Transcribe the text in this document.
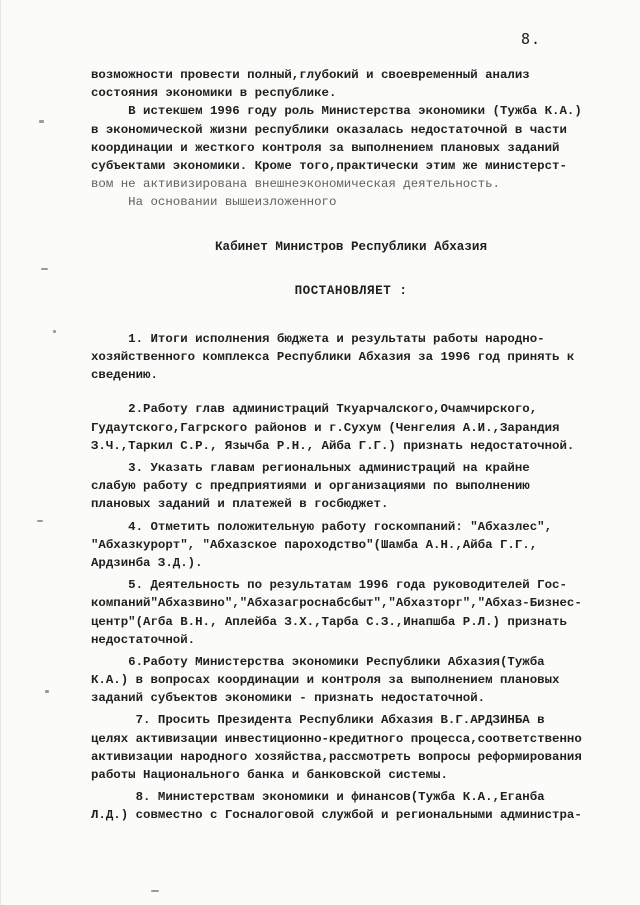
8.
возможности провести полный,глубокий и своевременный анализ
состояния экономики в республике.
В истекшем 1996 году роль Министерства экономики (Тужба К.А.)
в экономической жизни республики оказалась недостаточной в части
координации и жесткого контроля за выполнением плановых заданий
субъектами экономики. Кроме того,практически этим же министерст-
вом не активизирована внешнеэкономическая деятельность.
На основании вышеизложенного
Кабинет Министров Республики Абхазия
ПОСТАНОВЛЯЕТ :
1. Итоги исполнения бюджета и результаты работы народно-
хозяйственного комплекса Республики Абхазия за 1996 год принять к
сведению.
2.Работу глав администраций Ткуарчалского,Очамчирского,
Гудаутского,Гагрского районов и г.Сухум (Ченгелия А.И.,Зарандия
З.Ч.,Таркил С.Р., Язычба Р.Н., Айба Г.Г.) признать недостаточной.
3. Указать главам региональных администраций на крайне
слабую работу с предприятиями и организациями по выполнению
плановых заданий и платежей в госбюджет.
4. Отметить положительную работу госкомпаний: "Абхазлес",
"Абхазкурорт", "Абхазское пароходство"(Шамба А.Н.,Айба Г.Г.,
Ардзинба З.Д.).
5. Деятельность по результатам 1996 года руководителей Гос-
компаний"Абхазвино","Абхазагроснабсбыт","Абхазторг","Абхаз-Бизнес-
центр"(Агба В.Н., Аплейба З.Х.,Тарба С.З.,Инапшба Р.Л.) признать
недостаточной.
6.Работу Министерства экономики Республики Абхазия(Тужба
К.А.) в вопросах координации и контроля за выполнением плановых
заданий субъектов экономики - признать недостаточной.
7. Просить Президента Республики Абхазия В.Г.АРДЗИНБА в
целях активизации инвестиционно-кредитного процесса,соответственно
активизации народного хозяйства,рассмотреть вопросы реформирования
работы Национального банка и банковской системы.
8. Министерствам экономики и финансов(Тужба К.А.,Еганба
Л.Д.) совместно с Госналоговой службой и региональными администра-
